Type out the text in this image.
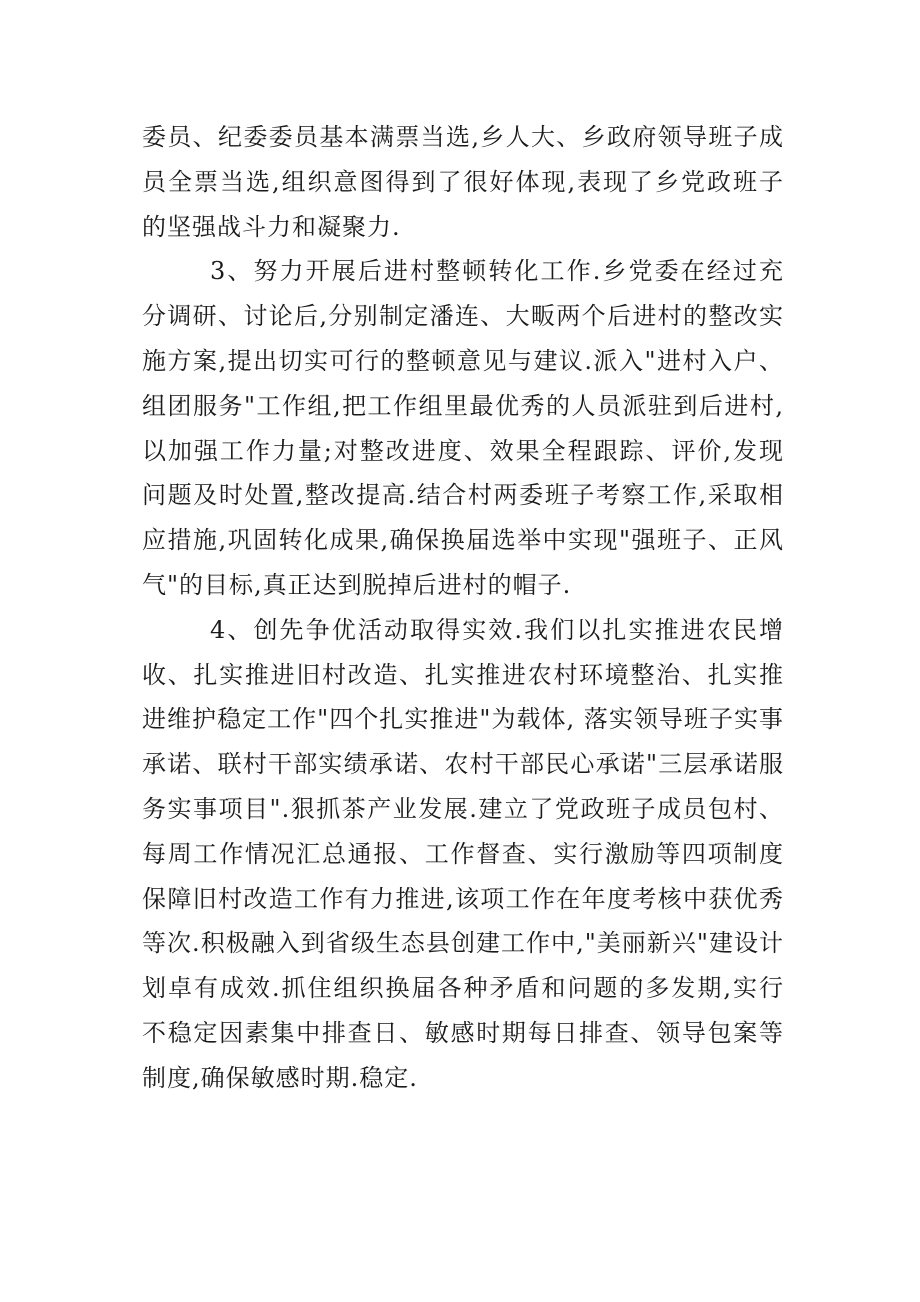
委员、纪委委员基本满票当选,乡人大、乡政府领导班子成员全票当选,组织意图得到了很好体现,表现了乡党政班子的坚强战斗力和凝聚力.

3、努力开展后进村整顿转化工作.乡党委在经过充分调研、讨论后,分别制定潘连、大畈两个后进村的整改实施方案,提出切实可行的整顿意见与建议.派入"进村入户、组团服务"工作组,把工作组里最优秀的人员派驻到后进村,以加强工作力量;对整改进度、效果全程跟踪、评价,发现问题及时处置,整改提高.结合村两委班子考察工作,采取相应措施,巩固转化成果,确保换届选举中实现"强班子、正风气"的目标,真正达到脱掉后进村的帽子.

4、创先争优活动取得实效.我们以扎实推进农民增收、扎实推进旧村改造、扎实推进农村环境整治、扎实推进维护稳定工作"四个扎实推进"为载体, 落实领导班子实事承诺、联村干部实绩承诺、农村干部民心承诺"三层承诺服务实事项目".狠抓茶产业发展.建立了党政班子成员包村、每周工作情况汇总通报、工作督查、实行激励等四项制度保障旧村改造工作有力推进,该项工作在年度考核中获优秀等次.积极融入到省级生态县创建工作中,"美丽新兴"建设计划卓有成效.抓住组织换届各种矛盾和问题的多发期,实行不稳定因素集中排查日、敏感时期每日排查、领导包案等制度,确保敏感时期.稳定.
